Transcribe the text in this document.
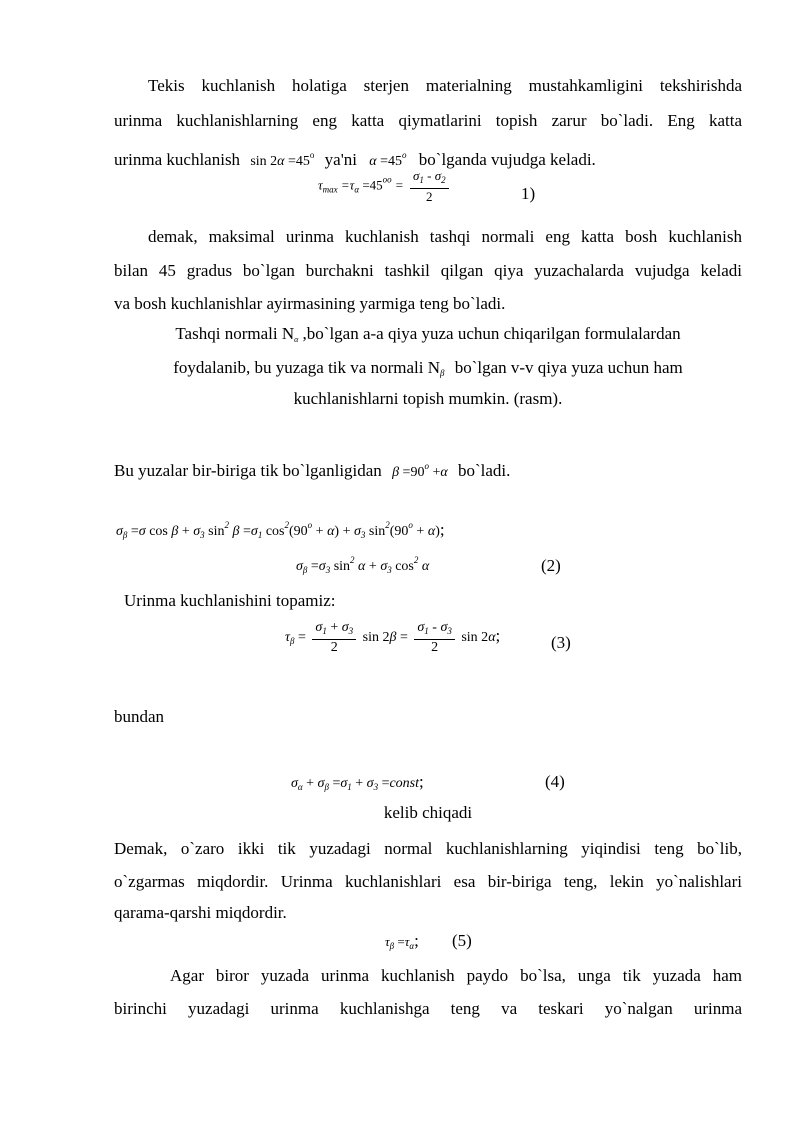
Tekis kuchlanish holatiga sterjen materialning mustahkamligini tekshirishda
urinma kuchlanishlarning eng katta qiymatlarini topish zarur bo`ladi. Eng katta
urinma kuchlanish $\sin 2\alpha =45^o$ ya'ni $\alpha =45^o$ bo`lganda vujudga keladi.
$\tau_{max} =\tau_\alpha =45^{oo} = \frac{\sigma_1 - \sigma_2}{2}$	1)
demak, maksimal urinma kuchlanish tashqi normali eng katta bosh kuchlanish
bilan 45 gradus bo`lgan burchakni tashkil qilgan qiya yuzachalarda vujudga keladi
va bosh kuchlanishlar ayirmasining yarmiga teng bo`ladi.
Tashqi normali Nα ,bo`lgan a-a qiya yuza uchun chiqarilgan formulalardan
foydalanib, bu yuzaga tik va normali Nβ bo`lgan v-v qiya yuza uchun ham
kuchlanishlarni topish mumkin. (rasm).
Bu yuzalar bir-biriga tik bo`lganligidan $\beta =90^o +\alpha$ bo`ladi.
$\sigma_\beta =\sigma$ $\cos \beta + \sigma_3$ $\sin^2 \beta =\sigma_1$ $\cos^2(90^o + \alpha) + \sigma_3$ $\sin^2(90^o + \alpha)$;
$\sigma_\beta =\sigma_3$ $\sin^2 \alpha + \sigma_3$ $\cos^2 \alpha$	(2)
Urinma kuchlanishini topamiz:
$\tau_\beta = \frac{\sigma_1 + \sigma_3}{2}$ $\sin 2\beta = \frac{\sigma_1 - \sigma_3}{2}$ sin 2α;	(3)
bundan
$\sigma_\alpha + \sigma_\beta =\sigma_1 + \sigma_3$ =const;	(4)
kelib chiqadi
Demak, o`zaro ikki tik yuzadagi normal kuchlanishlarning yiqindisi teng bo`lib,
o`zgarmas miqdordir. Urinma kuchlanishlari esa bir-biriga teng, lekin yo`nalishlari
qarama-qarshi miqdordir.
$\tau_\beta =\tau_\alpha$; (5)
Agar biror yuzada urinma kuchlanish paydo bo`lsa, unga tik yuzada ham
birinchi yuzadagi urinma kuchlanishga teng va teskari yo`nalgan urinma
